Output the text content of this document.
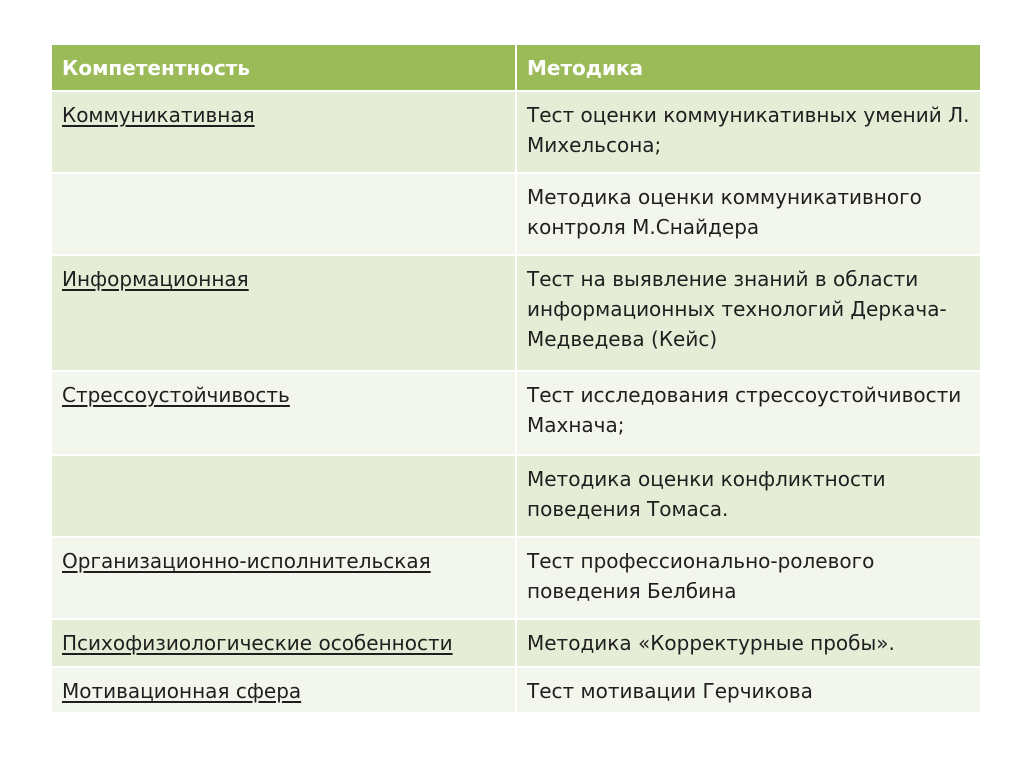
Компетентность	Методика
Коммуникативная	Тест оценки коммуникативных умений Л. Михельсона;
	Методика оценки коммуникативного контроля М.Снайдера
Информационная	Тест на выявление знаний в области информационных технологий Деркача-Медведева (Кейс)
Стрессоустойчивость	Тест исследования стрессоустойчивости Махнача;
	Методика оценки конфликтности поведения Томаса.
Организационно-исполнительская	Тест профессионально-ролевого поведения Белбина
Психофизиологические особенности	Методика «Корректурные пробы».
Мотивационная сфера	Тест мотивации Герчикова
